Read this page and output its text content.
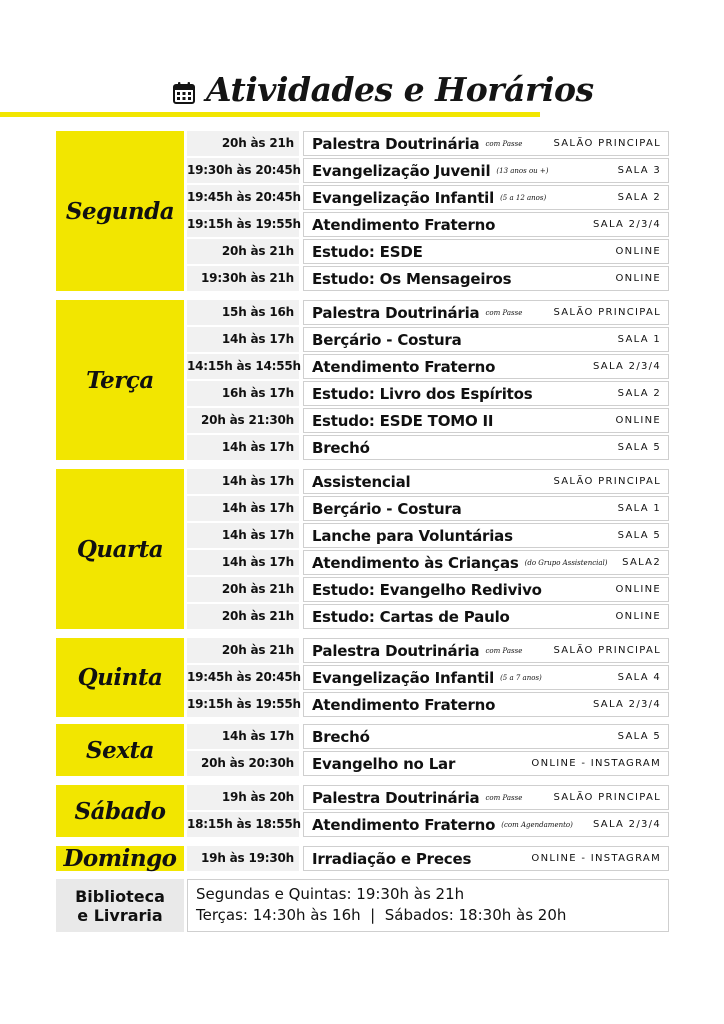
Atividades e Horários
Segunda
20h às 21h	Palestra Doutrinária $^{com Passe}$	SALÃO PRINCIPAL
19:30h às 20:45h Evangelização Juvenil $^{(13 anos ou +)}$	SALA 3
19:45h às 20:45h Evangelização Infantil $^{(5 a 12 anos)}$	SALA 2
19:15h às 19:55h Atendimento Fraterno	SALA 2/3/4
20h às 21h	Estudo: ESDE	ONLINE
19:30h às 21h	Estudo: Os Mensageiros	ONLINE
Terça
15h às 16h	Palestra Doutrinária $^{com Passe}$	SALÃO PRINCIPAL
14h às 17h	Berçário - Costura	SALA 1
14:15h às 14:55h Atendimento Fraterno	SALA 2/3/4
16h às 17h	Estudo: Livro dos Espíritos	SALA 2
20h às 21:30h	Estudo: ESDE TOMO II	ONLINE
14h às 17h	Brechó	SALA 5
Quarta
14h às 17h	Assistencial	SALÃO PRINCIPAL
14h às 17h	Berçário - Costura	SALA 1
14h às 17h	Lanche para Voluntárias	SALA 5
14h às 17h	Atendimento às Crianças $^{(do Grupo Assistencial)}$ SALA2
20h às 21h	Estudo: Evangelho Redivivo	ONLINE
20h às 21h	Estudo: Cartas de Paulo	ONLINE
Quinta
20h às 21h	Palestra Doutrinária $^{com Passe}$	SALÃO PRINCIPAL
19:45h às 20:45h Evangelização Infantil $^{(5 a 7 anos)}$	SALA 4
19:15h às 19:55h Atendimento Fraterno	SALA 2/3/4
Sexta
14h às 17h	Brechó	SALA 5
20h às 20:30h	Evangelho no Lar	ONLINE - INSTAGRAM
Sábado
19h às 20h	Palestra Doutrinária $^{com Passe}$	SALÃO PRINCIPAL
18:15h às 18:55h Atendimento Fraterno $^{(com Agendamento)}$ SALA 2/3/4
Domingo	19h às 19:30h	Irradiação e Preces	ONLINE - INSTAGRAM
Biblioteca
e Livraria
Segundas e Quintas: 19:30h às 21h
Terças: 14:30h às 16h  |  Sábados: 18:30h às 20h
